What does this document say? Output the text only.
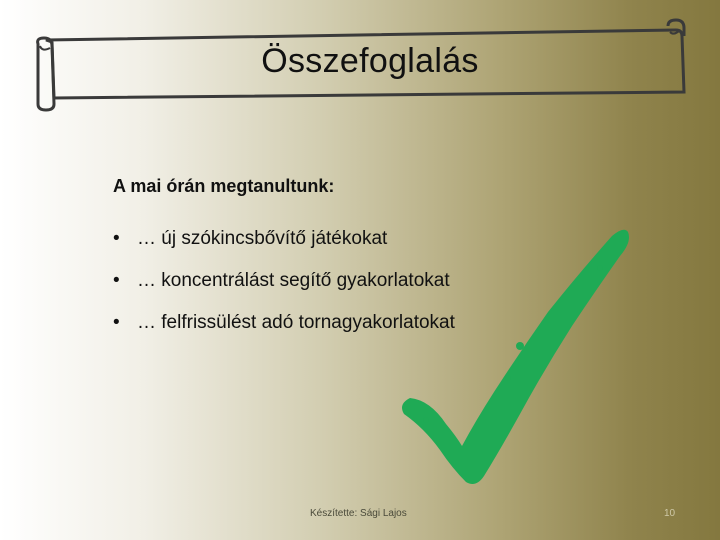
Összefoglalás
A mai órán megtanultunk:
• … új szókincsbővítő játékokat
• … koncentrálást segítő gyakorlatokat
• … felfrissülést adó tornagyakorlatokat
Készítette: Sági Lajos	10
